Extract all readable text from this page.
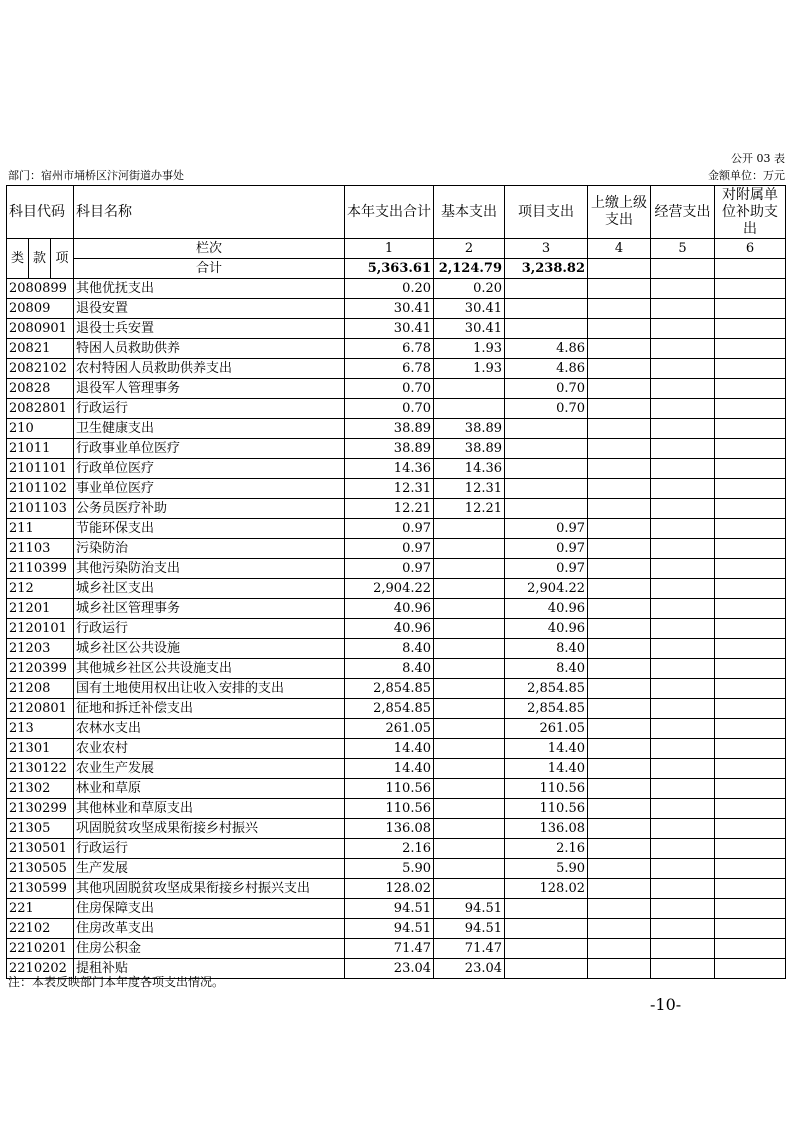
公开 03 表
部门：宿州市埇桥区汴河街道办事处	金额单位：万元
科目代码			科目名称	本年支出合计	基本支出	项目支出	上缴上级支出	经营支出	对附属单位补助支出
类	款	项	栏次	1	2	3	4	5	6
			合计	5,363.61	2,124.79	3,238.82			
2080899			其他优抚支出	0.20	0.20				
20809			退役安置	30.41	30.41				
2080901			退役士兵安置	30.41	30.41				
20821			特困人员救助供养	6.78	1.93	4.86			
2082102			农村特困人员救助供养支出	6.78	1.93	4.86			
20828			退役军人管理事务	0.70		0.70			
2082801			行政运行	0.70		0.70			
210			卫生健康支出	38.89	38.89				
21011			行政事业单位医疗	38.89	38.89				
2101101			行政单位医疗	14.36	14.36				
2101102			事业单位医疗	12.31	12.31				
2101103			公务员医疗补助	12.21	12.21				
211			节能环保支出	0.97		0.97			
21103			污染防治	0.97		0.97			
2110399			其他污染防治支出	0.97		0.97			
212			城乡社区支出	2,904.22		2,904.22			
21201			城乡社区管理事务	40.96		40.96			
2120101			行政运行	40.96		40.96			
21203			城乡社区公共设施	8.40		8.40			
2120399			其他城乡社区公共设施支出	8.40		8.40			
21208			国有土地使用权出让收入安排的支出	2,854.85		2,854.85			
2120801			征地和拆迁补偿支出	2,854.85		2,854.85			
213			农林水支出	261.05		261.05			
21301			农业农村	14.40		14.40			
2130122			农业生产发展	14.40		14.40			
21302			林业和草原	110.56		110.56			
2130299			其他林业和草原支出	110.56		110.56			
21305			巩固脱贫攻坚成果衔接乡村振兴	136.08		136.08			
2130501			行政运行	2.16		2.16			
2130505			生产发展	5.90		5.90			
2130599			其他巩固脱贫攻坚成果衔接乡村振兴支出	128.02		128.02			
221			住房保障支出	94.51	94.51				
22102			住房改革支出	94.51	94.51				
2210201			住房公积金	71.47	71.47				
2210202			提租补贴	23.04	23.04				
注：本表反映部门本年度各项支出情况。
-10-
